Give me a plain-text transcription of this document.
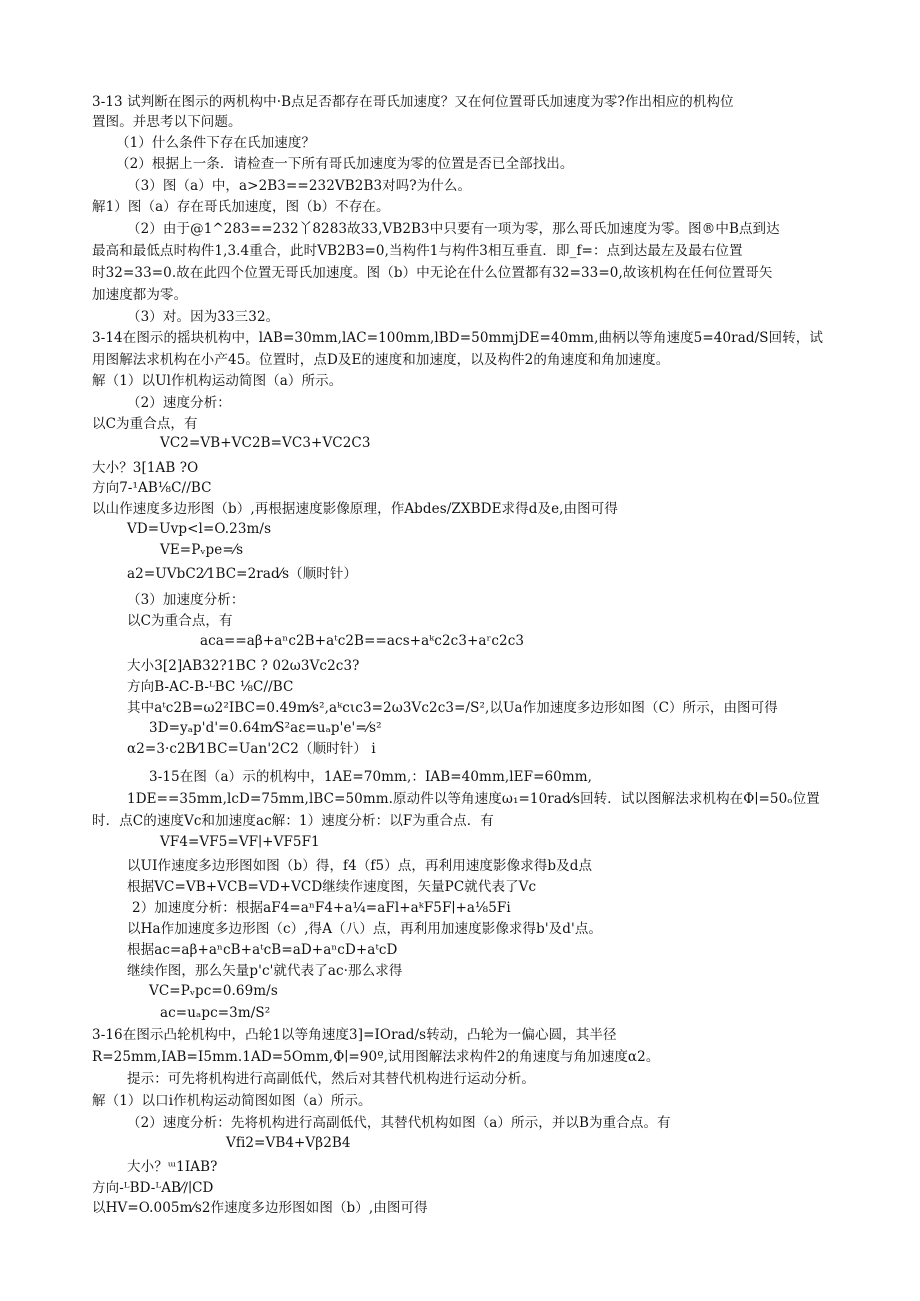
3-13 试判断在图示的两机构中·B点足否都存在哥氏加速度？又在何位置哥氏加速度为零?作出相应的机构位
置图。并思考以下问题。
（1）什么条件下存在氏加速度？
（2）根据上一条．请检查一下所有哥氏加速度为零的位置是否已全部找出。
（3）图（a）中，a>2B3==232VB2B3对吗?为什么。
解1）图（a）存在哥氏加速度，图（b）不存在。
（2）由于@1^283==232丫8283故33,VB2B3中只要有一项为零，那么哥氏加速度为零。图®中B点到达
最高和最低点时构件1,3.4重合，此时VB2B3=0,当构件1与构件3相互垂直．即_f=：点到达最左及最右位置
时32=33=0.故在此四个位置无哥氏加速度。图（b）中无论在什么位置都有32=33=0,故该机构在任何位置哥矢
加速度都为零。
（3）对。因为33三32。
3-14在图示的摇块机构中，lAB=30mm,lAC=100mm,lBD=50mmjDE=40mm,曲柄以等角速度5=40rad/S回转，试
用图解法求机构在小产45。位置时，点D及E的速度和加速度，以及构件2的角速度和角加速度。
解（1）以Ul作机构运动简图（a）所示。
（2）速度分析：
以C为重合点，有
VC2=VB+VC2B=VC3+VC2C3
大小？3[1AB ?O
方向7-¹AB⅛C//BC
以山作速度多边形图（b）,再根据速度影像原理，作Abdes/ZXBDE求得d及e,由图可得
VD=Uvp<l=O.23m/s
VE=Pᵥpe=⁄s
a2=UVbC2⁄1BC=2rad⁄s（顺时针）
（3）加速度分析：
以C为重合点，有
aca==aβ+aⁿc2B+aᵗc2B==acs+aᵏc2c3+aʳc2c3
大小3[2]AB32?1BC ? 02ω3Vc2c3?
方向B-AC-B-ᴸBC ⅛C//BC
其中aᵗc2B=ω2²IBC=0.49m⁄s²,aᵏcιc3=2ω3Vc2c3=/S²,以Ua作加速度多边形如图（C）所示，由图可得
3D=yₐp'd'=0.64m⁄S²aε=uₐp'e'=⁄s²
α2=3·c2B⁄1BC=Uan'2C2（顺时针） i
3-15在图（a）示的机构中，1AE=70mm,：IAB=40mm,lEF=60mm,
1DE==35mm,lcD=75mm,lBC=50mm.原动件以等角速度ω₁=10rad⁄s回转．试以图解法求机构在Φ∣=50ₒ位置
时．点C的速度Vc和加速度ac解：1）速度分析：以F为重合点．有
VF4=VF5=VF∣+VF5F1
以UI作速度多边形图如图（b）得，f4（f5）点，再利用速度影像求得b及d点
根据VC=VB+VCB=VD+VCD继续作速度图，矢量PC就代表了Vc
2）加速度分析：根据aF4=aⁿF4+a¼=aFl+aᵏF5F∣+a⅛5Fi
以Ha作加速度多边形图（c）,得A（八）点，再利用加速度影像求得b'及d'点。
根据ac=aβ+aⁿcB+aᵗcB=aD+aⁿcD+aᵗcD
继续作图，那么矢量p'c'就代表了ac·那么求得
VC=Pᵥpc=0.69m/s
ac=uₐpc=3m/S²
3-16在图示凸轮机构中，凸轮1以等角速度3]=IOrad/s转动，凸轮为一偏心圆，其半径
R=25mm,IAB=I5mm.1AD=5Omm,Φ∣=90º,试用图解法求构件2的角速度与角加速度α2。
提示：可先将机构进行高副低代，然后对其替代机构进行运动分析。
解（1）以口i作机构运动简图如图（a）所示。
（2）速度分析：先将机构进行高副低代，其替代机构如图（a）所示，并以B为重合点。有
Vfi2=VB4+Vβ2B4
大小？ᵚ1IAB?
方向-ᴸBD-ᴸAB⁄∕∣CD
以HV=O.005m⁄s2作速度多边形图如图（b）,由图可得
